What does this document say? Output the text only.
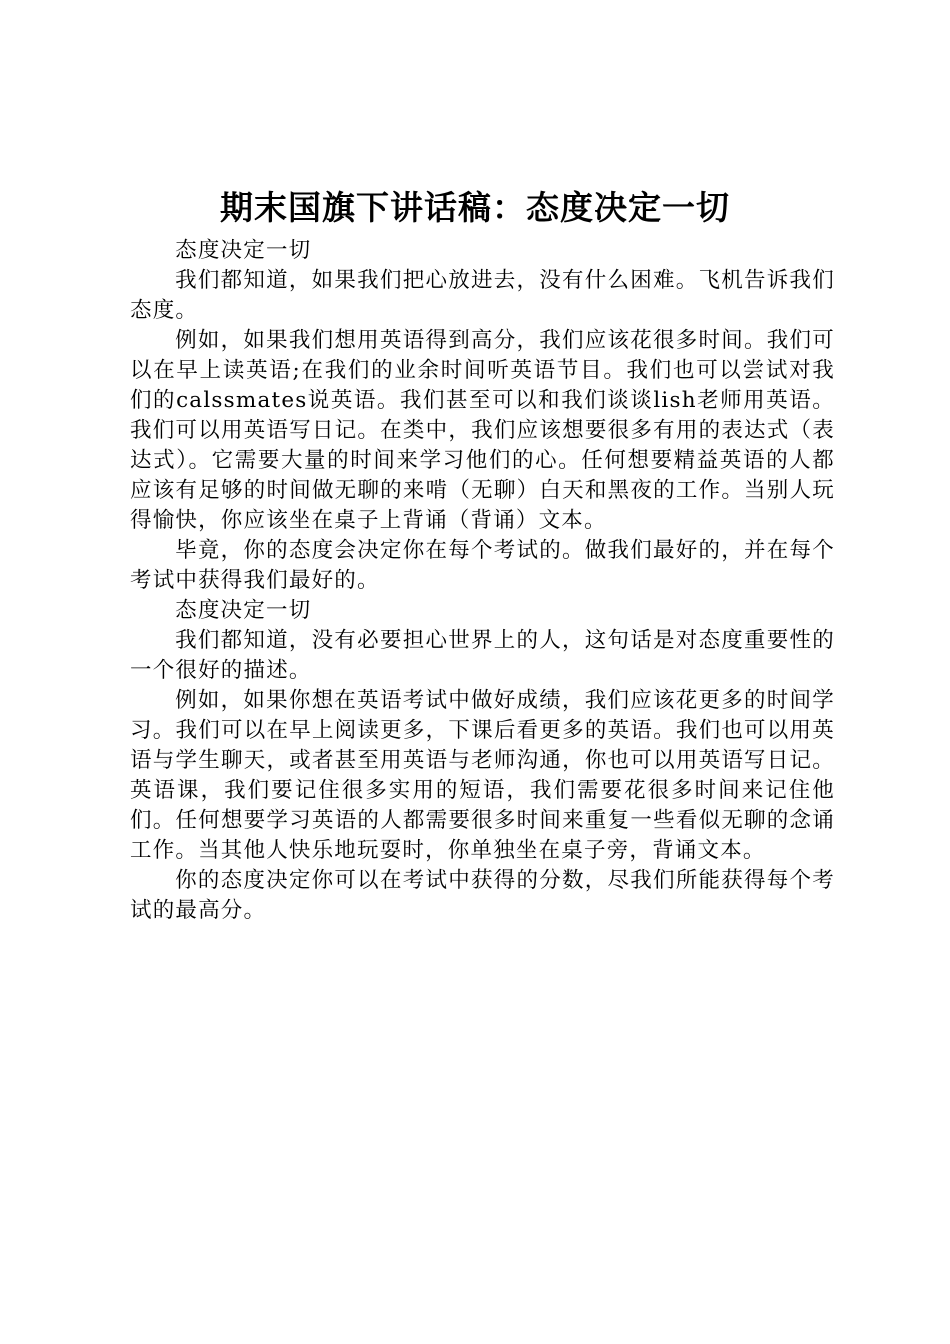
期末国旗下讲话稿：态度决定一切

态度决定一切

我们都知道，如果我们把心放进去，没有什么困难。飞机告诉我们态度。

例如，如果我们想用英语得到高分，我们应该花很多时间。我们可以在早上读英语;在我们的业余时间听英语节目。我们也可以尝试对我们的calssmates说英语。我们甚至可以和我们谈谈lish老师用英语。我们可以用英语写日记。在类中，我们应该想要很多有用的表达式（表达式）。它需要大量的时间来学习他们的心。任何想要精益英语的人都应该有足够的时间做无聊的来啃（无聊）白天和黑夜的工作。当别人玩得愉快，你应该坐在桌子上背诵（背诵）文本。

毕竟，你的态度会决定你在每个考试的。做我们最好的，并在每个考试中获得我们最好的。

态度决定一切

我们都知道，没有必要担心世界上的人，这句话是对态度重要性的一个很好的描述。

例如，如果你想在英语考试中做好成绩，我们应该花更多的时间学习。我们可以在早上阅读更多，下课后看更多的英语。我们也可以用英语与学生聊天，或者甚至用英语与老师沟通，你也可以用英语写日记。英语课，我们要记住很多实用的短语，我们需要花很多时间来记住他们。任何想要学习英语的人都需要很多时间来重复一些看似无聊的念诵工作。当其他人快乐地玩耍时，你单独坐在桌子旁，背诵文本。

你的态度决定你可以在考试中获得的分数，尽我们所能获得每个考试的最高分。
